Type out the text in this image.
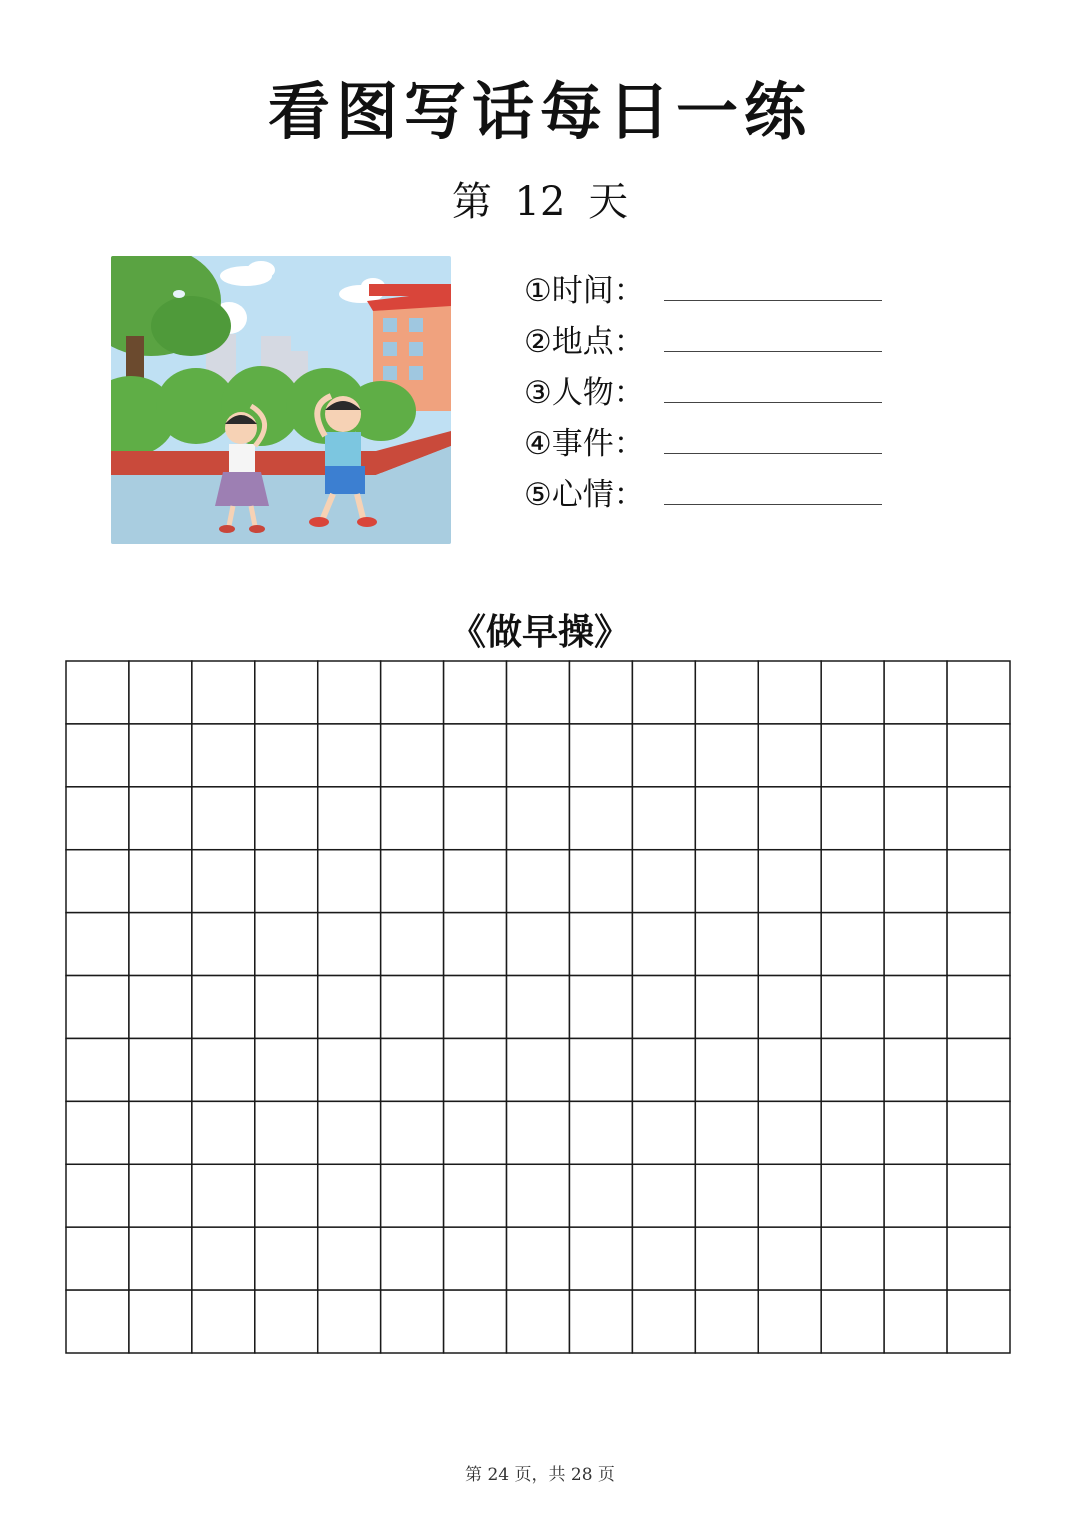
看图写话每日一练
第 12 天
①时间：
②地点：
③人物：
④事件：
⑤心情：
《做早操》
第 24 页，共 28 页
